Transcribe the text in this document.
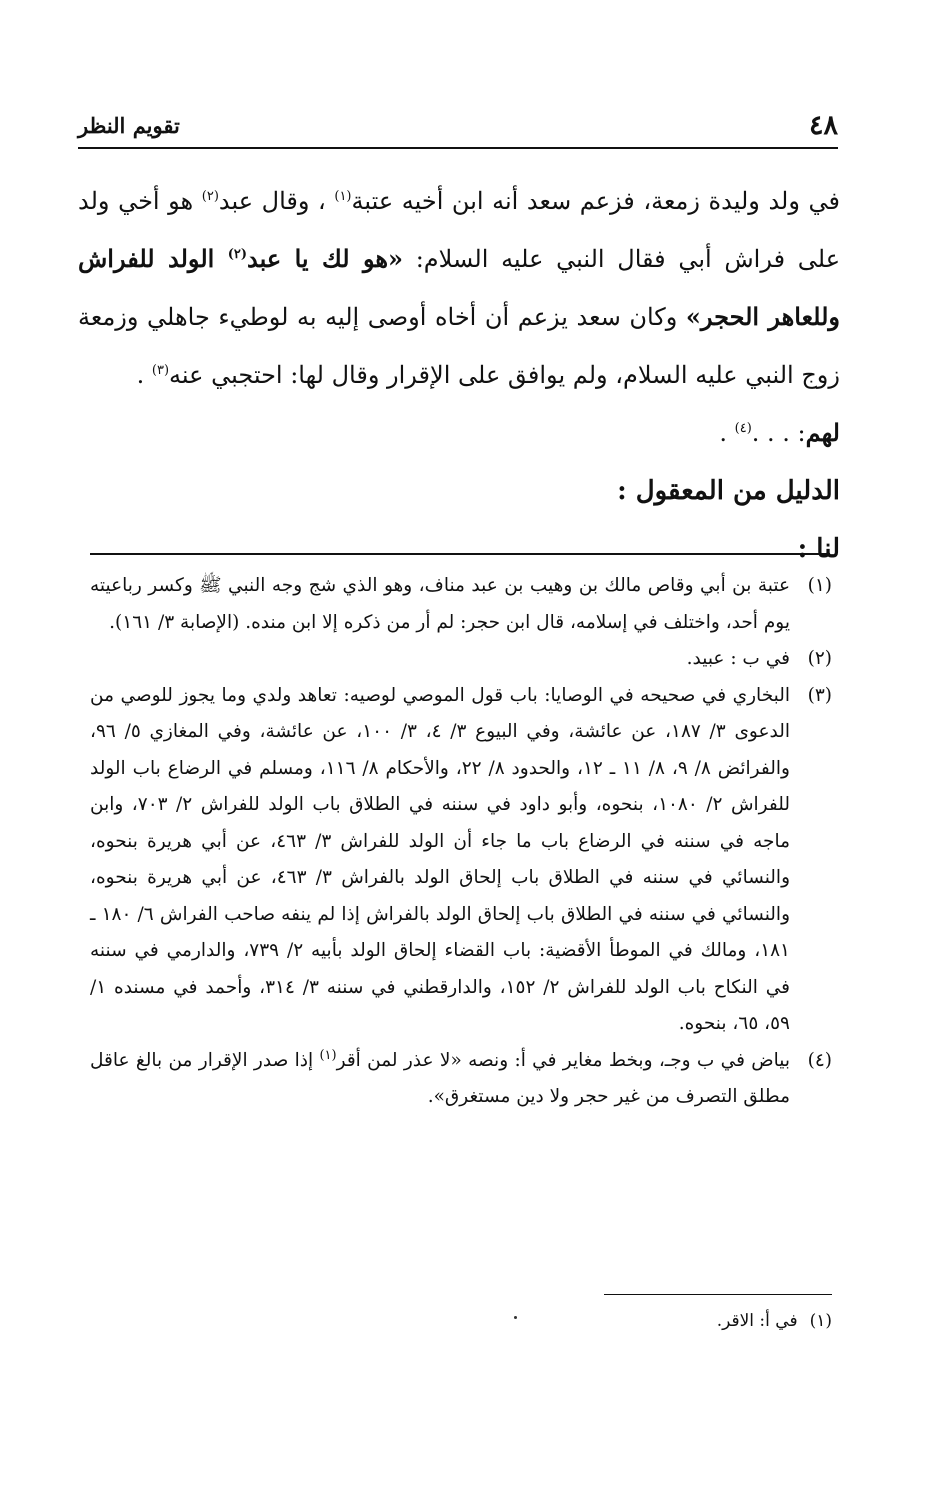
٤٨
تقويم النظر

في ولد وليدة زمعة، فزعم سعد أنه ابن أخيه عتبة$^{(١)}$ ، وقال عبد$^{(٢)}$ هو أخي ولد على فراش أبي فقال النبي عليه السلام: «هو لك يا عبد$^{(٢)}$ الولد للفراش وللعاهر الحجر» وكان سعد يزعم أن أخاه أوصى إليه به لوطيء جاهلي وزمعة زوج النبي عليه السلام، ولم يوافق على الإقرار وقال لها: احتجبي عنه$^{(٣)}$ .

لهم: . . .$^{(٤)}$ .

الدليل من المعقول :
لنا :
(١)
عتبة بن أبي وقاص مالك بن وهيب بن عبد مناف، وهو الذي شج وجه النبي ﷺ وكسر رباعيته يوم أحد، واختلف في إسلامه، قال ابن حجر: لم أر من ذكره إلا ابن منده. (الإصابة ٣/ ١٦١).
(٢)
في ب : عبيد.
(٣)
البخاري في صحيحه في الوصايا: باب قول الموصي لوصيه: تعاهد ولدي وما يجوز للوصي من الدعوى ٣/ ١٨٧، عن عائشة، وفي البيوع ٣/ ٤، ٣/ ١٠٠، عن عائشة، وفي المغازي ٥/ ٩٦، والفرائض ٨/ ٩، ٨/ ١١ ـ ١٢، والحدود ٨/ ٢٢، والأحكام ٨/ ١١٦، ومسلم في الرضاع باب الولد للفراش ٢/ ١٠٨٠، بنحوه، وأبو داود في سننه في الطلاق باب الولد للفراش ٢/ ٧٠٣، وابن ماجه في سننه في الرضاع باب ما جاء أن الولد للفراش ٣/ ٤٦٣، عن أبي هريرة بنحوه، والنسائي في سننه في الطلاق باب إلحاق الولد بالفراش ٣/ ٤٦٣، عن أبي هريرة بنحوه، والنسائي في سننه في الطلاق باب إلحاق الولد بالفراش إذا لم ينفه صاحب الفراش ٦/ ١٨٠ ـ ١٨١، ومالك في الموطأ الأقضية: باب القضاء إلحاق الولد بأبيه ٢/ ٧٣٩، والدارمي في سننه في النكاح باب الولد للفراش ٢/ ١٥٢، والدارقطني في سننه ٣/ ٣١٤، وأحمد في مسنده ١/ ٥٩، ٦٥، بنحوه.
(٤)
بياض في ب وجـ، وبخط مغاير في أ: ونصه «لا عذر لمن أقر$^{(١)}$ إذا صدر الإقرار من بالغ عاقل مطلق التصرف من غير حجر ولا دين مستغرق».
(١)في أ: الاقر.
